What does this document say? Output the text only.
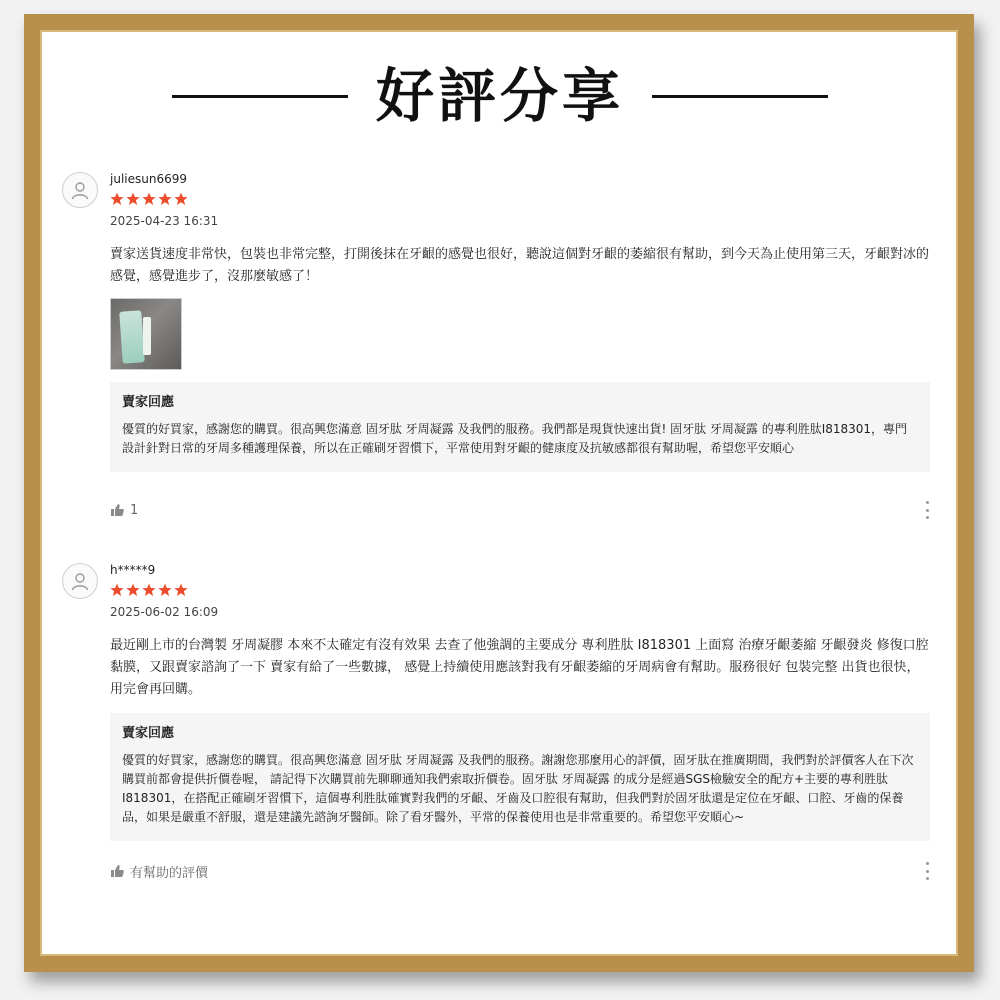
好評分享
juliesun6699
2025-04-23 16:31
賣家送貨速度非常快，包裝也非常完整，打開後抹在牙齦的感覺也很好，聽說這個對牙齦的萎縮很有幫助，到今天為止使用第三天，牙齦對冰的感覺，感覺進步了，沒那麼敏感了！
賣家回應
優質的好買家，感謝您的購買。很高興您滿意 固牙肽 牙周凝露 及我們的服務。我們都是現貨快速出貨! 固牙肽 牙周凝露 的專利胜肽I818301，專門設計針對日常的牙周多種護理保養，所以在正確刷牙習慣下，平常使用對牙齦的健康度及抗敏感都很有幫助喔，希望您平安順心
1
h*****9
2025-06-02 16:09
最近剛上市的台灣製 牙周凝膠 本來不太確定有沒有效果 去查了他強調的主要成分 專利胜肽 I818301 上面寫 治療牙齦萎縮 牙齦發炎 修復口腔黏膜，又跟賣家諮詢了一下 賣家有給了一些數據， 感覺上持續使用應該對我有牙齦萎縮的牙周病會有幫助。服務很好 包裝完整 出貨也很快，用完會再回購。
賣家回應
優質的好買家，感謝您的購買。很高興您滿意 固牙肽 牙周凝露 及我們的服務。謝謝您那麼用心的評價，固牙肽在推廣期間，我們對於評價客人在下次購買前都會提供折價卷喔， 請記得下次購買前先聊聊通知我們索取折價卷。固牙肽 牙周凝露 的成分是經過SGS檢驗安全的配方+主要的專利胜肽I818301，在搭配正確刷牙習慣下，這個專利胜肽確實對我們的牙齦、牙齒及口腔很有幫助，但我們對於固牙肽還是定位在牙齦、口腔、牙齒的保養品，如果是嚴重不舒服，還是建議先諮詢牙醫師。除了看牙醫外，平常的保養使用也是非常重要的。希望您平安順心~
有幫助的評價
